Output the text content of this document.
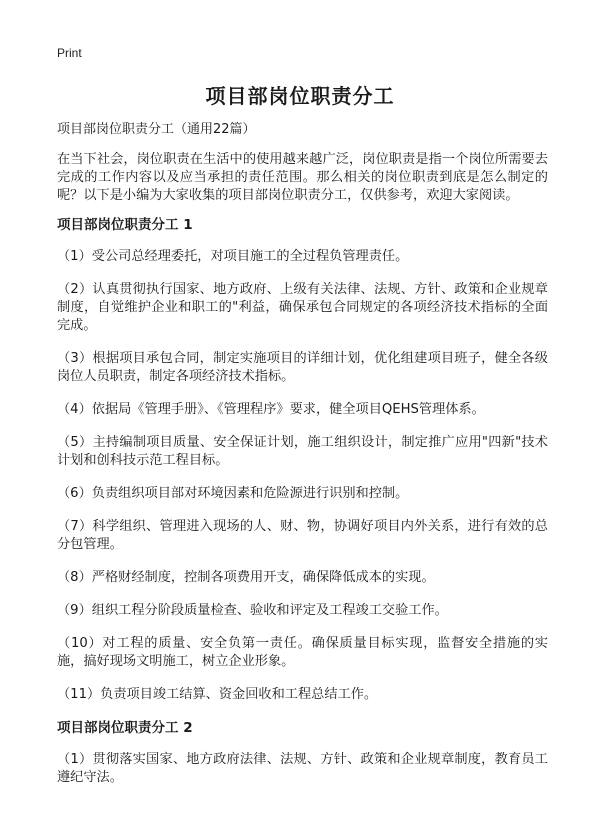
Print
项目部岗位职责分工

项目部岗位职责分工（通用22篇）

在当下社会，岗位职责在生活中的使用越来越广泛，岗位职责是指一个岗位所需要去完成的工作内容以及应当承担的责任范围。那么相关的岗位职责到底是怎么制定的呢？以下是小编为大家收集的项目部岗位职责分工，仅供参考，欢迎大家阅读。

项目部岗位职责分工 1

（1）受公司总经理委托，对项目施工的全过程负管理责任。

（2）认真贯彻执行国家、地方政府、上级有关法律、法规、方针、政策和企业规章制度，自觉维护企业和职工的"利益，确保承包合同规定的各项经济技术指标的全面完成。

（3）根据项目承包合同，制定实施项目的详细计划，优化组建项目班子，健全各级岗位人员职责，制定各项经济技术指标。

（4）依据局《管理手册》、《管理程序》要求，健全项目QEHS管理体系。

（5）主持编制项目质量、安全保证计划，施工组织设计，制定推广应用"四新"技术计划和创科技示范工程目标。

（6）负责组织项目部对环境因素和危险源进行识别和控制。

（7）科学组织、管理进入现场的人、财、物，协调好项目内外关系，进行有效的总分包管理。

（8）严格财经制度，控制各项费用开支，确保降低成本的实现。

（9）组织工程分阶段质量检查、验收和评定及工程竣工交验工作。

（10）对工程的质量、安全负第一责任。确保质量目标实现，监督安全措施的实施，搞好现场文明施工，树立企业形象。

（11）负责项目竣工结算、资金回收和工程总结工作。

项目部岗位职责分工 2

（1）贯彻落实国家、地方政府法律、法规、方针、政策和企业规章制度，教育员工遵纪守法。
